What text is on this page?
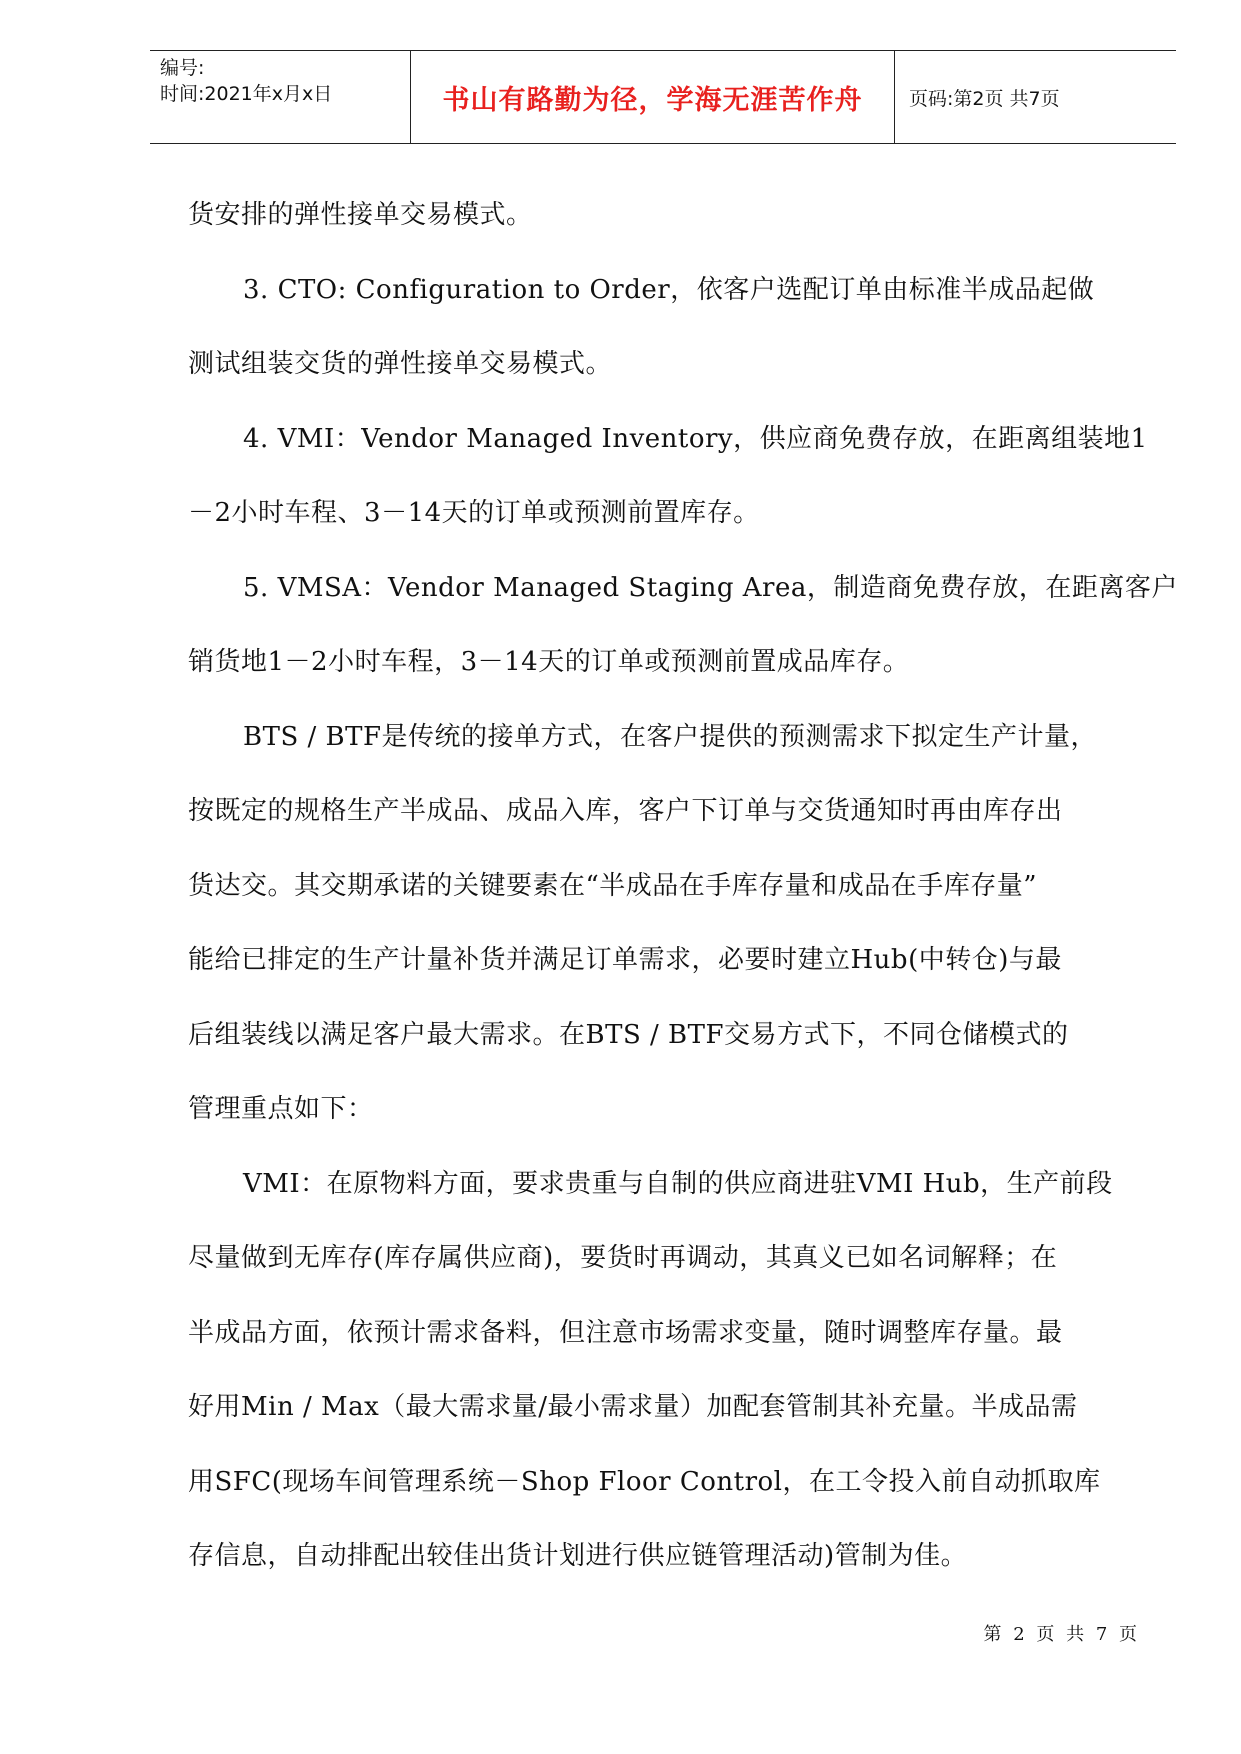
编号:
时间:2021年x月x日	书山有路勤为径，学海无涯苦作舟 页码:第2页 共7页
货安排的弹性接单交易模式。
3. CTO: Configuration to Order，依客户选配订单由标准半成品起做
测试组装交货的弹性接单交易模式。
4. VMI：Vendor Managed Inventory，供应商免费存放，在距离组装地1
－2小时车程、3－14天的订单或预测前置库存。
5. VMSA：Vendor Managed Staging Area，制造商免费存放，在距离客户
销货地1－2小时车程，3－14天的订单或预测前置成品库存。
BTS / BTF是传统的接单方式，在客户提供的预测需求下拟定生产计量，
按既定的规格生产半成品、成品入库，客户下订单与交货通知时再由库存出
货达交。其交期承诺的关键要素在“半成品在手库存量和成品在手库存量”
能给已排定的生产计量补货并满足订单需求，必要时建立Hub(中转仓)与最
后组装线以满足客户最大需求。在BTS / BTF交易方式下，不同仓储模式的
管理重点如下：
VMI：在原物料方面，要求贵重与自制的供应商进驻VMI Hub，生产前段
尽量做到无库存(库存属供应商)，要货时再调动，其真义已如名词解释；在
半成品方面，依预计需求备料，但注意市场需求变量，随时调整库存量。最
好用Min / Max（最大需求量/最小需求量）加配套管制其补充量。半成品需
用SFC(现场车间管理系统－Shop Floor Control，在工令投入前自动抓取库
存信息，自动排配出较佳出货计划进行供应链管理活动)管制为佳。
第 2 页 共 7 页
